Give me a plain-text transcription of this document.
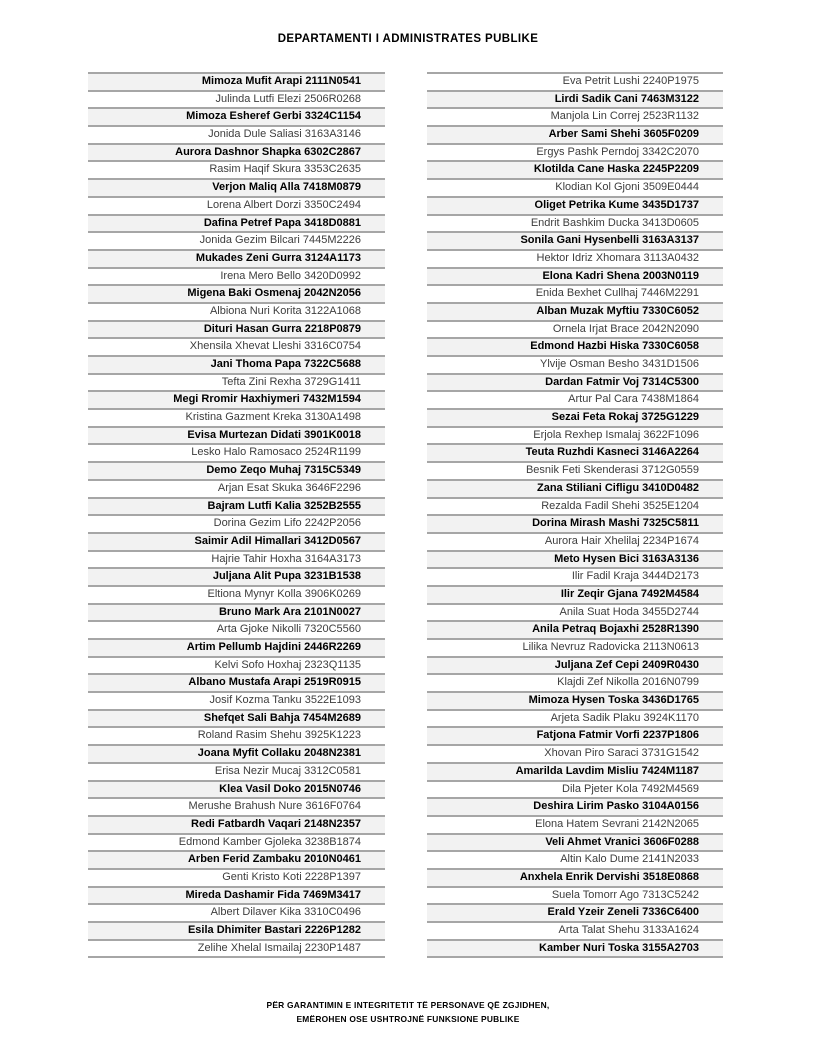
DEPARTAMENTI I ADMINISTRATES PUBLIKE
Mimoza Mufit Arapi 2111N0541
Julinda Lutfi Elezi 2506R0268
Mimoza Esheref Gerbi 3324C1154
Jonida Dule Saliasi 3163A3146
Aurora Dashnor Shapka 6302C2867
Rasim Haqif Skura 3353C2635
Verjon Maliq Alla 7418M0879
Lorena Albert Dorzi 3350C2494
Dafina Petref Papa 3418D0881
Jonida Gezim Bilcari 7445M2226
Mukades Zeni Gurra 3124A1173
Irena Mero Bello 3420D0992
Migena Baki Osmenaj 2042N2056
Albiona Nuri Korita 3122A1068
Dituri Hasan Gurra 2218P0879
Xhensila Xhevat Lleshi 3316C0754
Jani Thoma Papa 7322C5688
Tefta Zini Rexha 3729G1411
Megi Rromir Haxhiymeri 7432M1594
Kristina Gazment Kreka 3130A1498
Evisa Murtezan Didati 3901K0018
Lesko Halo Ramosaco 2524R1199
Demo Zeqo Muhaj 7315C5349
Arjan Esat Skuka 3646F2296
Bajram Lutfi Kalia 3252B2555
Dorina Gezim Lifo 2242P2056
Saimir Adil Himallari 3412D0567
Hajrie Tahir Hoxha 3164A3173
Juljana Alit Pupa 3231B1538
Eltiona Mynyr Kolla 3906K0269
Bruno Mark Ara 2101N0027
Arta Gjoke Nikolli 7320C5560
Artim Pellumb Hajdini 2446R2269
Kelvi Sofo Hoxhaj 2323Q1135
Albano Mustafa Arapi 2519R0915
Josif Kozma Tanku 3522E1093
Shefqet Sali Bahja 7454M2689
Roland Rasim Shehu 3925K1223
Joana Myfit Collaku 2048N2381
Erisa Nezir Mucaj 3312C0581
Klea Vasil Doko 2015N0746
Merushe Brahush Nure 3616F0764
Redi Fatbardh Vaqari 2148N2357
Edmond Kamber Gjoleka 3238B1874
Arben Ferid Zambaku 2010N0461
Genti Kristo Koti 2228P1397
Mireda Dashamir Fida 7469M3417
Albert Dilaver Kika 3310C0496
Esila Dhimiter Bastari 2226P1282
Zelihe Xhelal Ismailaj 2230P1487
Eva Petrit Lushi 2240P1975
Lirdi Sadik Cani 7463M3122
Manjola Lin Correj 2523R1132
Arber Sami Shehi 3605F0209
Ergys Pashk Perndoj 3342C2070
Klotilda Cane Haska 2245P2209
Klodian Kol Gjoni 3509E0444
Oliget Petrika Kume 3435D1737
Endrit Bashkim Ducka 3413D0605
Sonila Gani Hysenbelli 3163A3137
Hektor Idriz Xhomara 3113A0432
Elona Kadri Shena 2003N0119
Enida Bexhet Cullhaj 7446M2291
Alban Muzak Myftiu 7330C6052
Ornela Irjat Brace 2042N2090
Edmond Hazbi Hiska 7330C6058
Ylvije Osman Besho 3431D1506
Dardan Fatmir Voj 7314C5300
Artur Pal Cara 7438M1864
Sezai Feta Rokaj 3725G1229
Erjola Rexhep Ismalaj 3622F1096
Teuta Ruzhdi Kasneci 3146A2264
Besnik Feti Skenderasi 3712G0559
Zana Stiliani Cifligu 3410D0482
Rezalda Fadil Shehi 3525E1204
Dorina Mirash Mashi 7325C5811
Aurora Hair Xhelilaj 2234P1674
Meto Hysen Bici 3163A3136
Ilir Fadil Kraja 3444D2173
Ilir Zeqir Gjana 7492M4584
Anila Suat Hoda 3455D2744
Anila Petraq Bojaxhi 2528R1390
Lilika Nevruz Radovicka 2113N0613
Juljana Zef Cepi 2409R0430
Klajdi Zef Nikolla 2016N0799
Mimoza Hysen Toska 3436D1765
Arjeta Sadik Plaku 3924K1170
Fatjona Fatmir Vorfi 2237P1806
Xhovan Piro Saraci 3731G1542
Amarilda Lavdim Misliu 7424M1187
Dila Pjeter Kola 7492M4569
Deshira Lirim Pasko 3104A0156
Elona Hatem Sevrani 2142N2065
Veli Ahmet Vranici 3606F0288
Altin Kalo Dume 2141N2033
Anxhela Enrik Dervishi 3518E0868
Suela Tomorr Ago 7313C5242
Erald Yzeir Zeneli 7336C6400
Arta Talat Shehu 3133A1624
Kamber Nuri Toska 3155A2703
PËR GARANTIMIN E INTEGRITETIT TË PERSONAVE QË ZGJIDHEN,
EMËROHEN OSE USHTROJNË FUNKSIONE PUBLIKE
